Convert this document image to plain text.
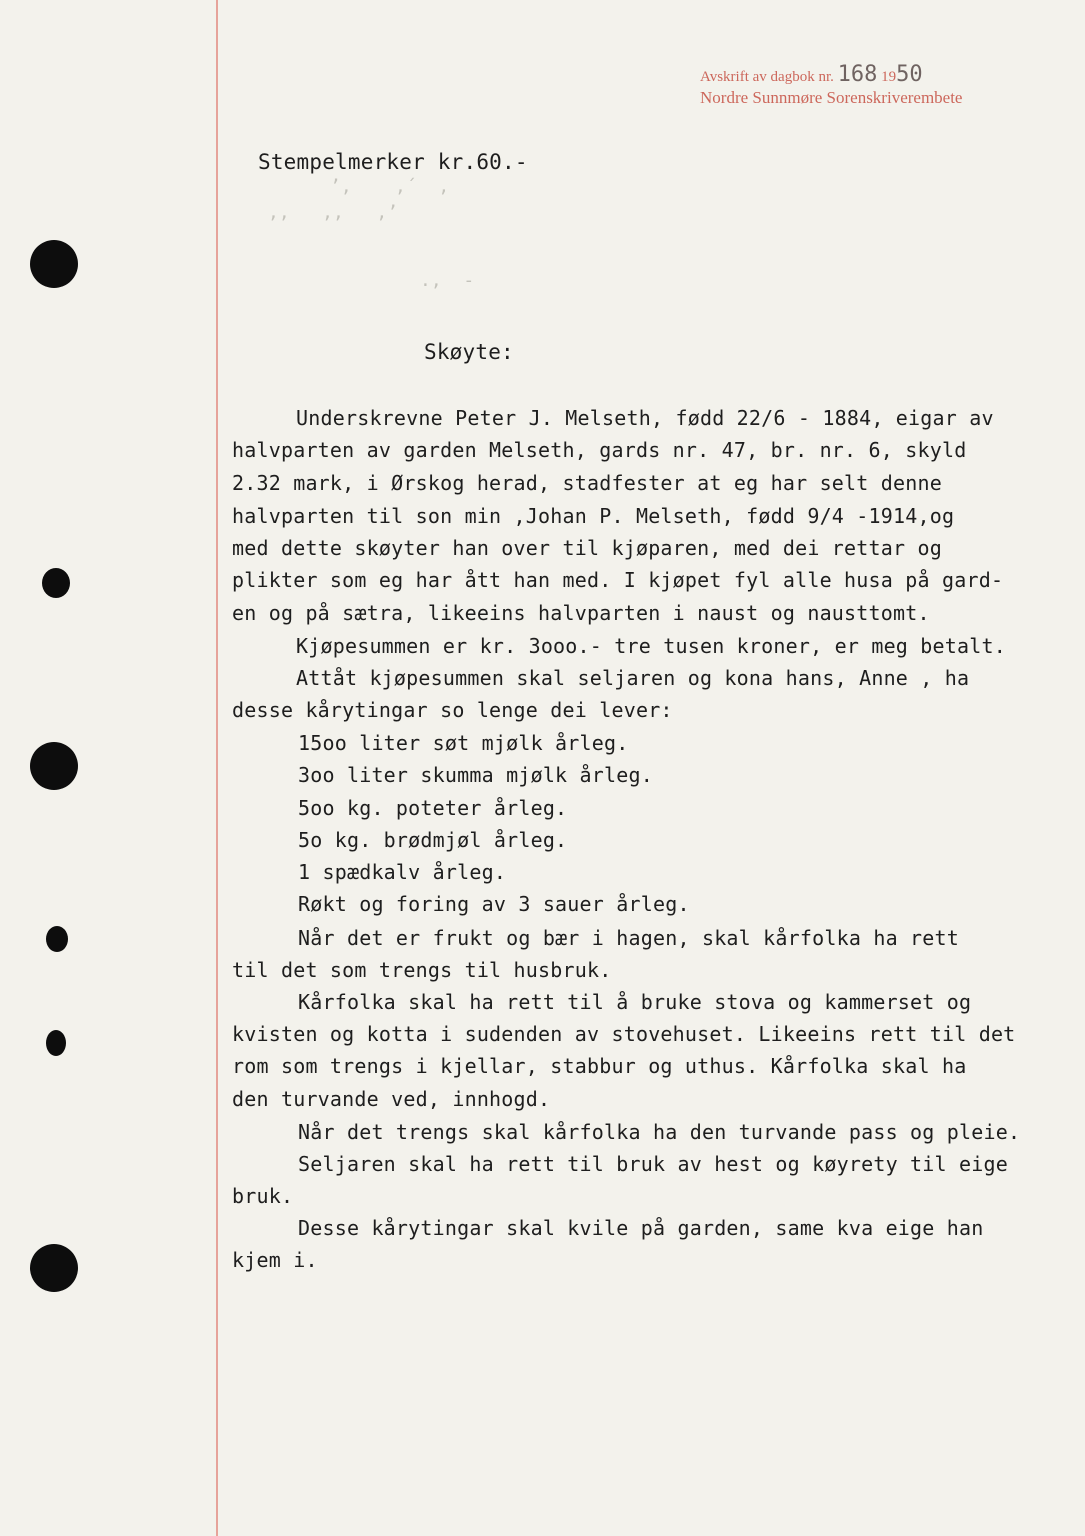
Avskrift av dagbok nr. 168 1950
Nordre Sunnmøre Sorenskriverembete
Stempelmerker kr.60.-
’,    ,´  ,
,,   ,,   ,’
.,  -
Skøyte:
Underskrevne Peter J. Melseth, fødd 22/6 - 1884, eigar av
halvparten av garden Melseth, gards nr. 47, br. nr. 6, skyld
2.32 mark, i Ørskog herad, stadfester at eg har selt denne
halvparten til son min ,Johan P. Melseth, fødd 9/4 -1914,og
med dette skøyter han over til kjøparen, med dei rettar og
plikter som eg har ått han med. I kjøpet fyl alle husa på gard-
en og på sætra, likeeins halvparten i naust og nausttomt.
Kjøpesummen er kr. 3ooo.- tre tusen kroner, er meg betalt.
Attåt kjøpesummen skal seljaren og kona hans, Anne , ha
desse kårytingar so lenge dei lever:
15oo liter søt mjølk årleg.
3oo liter skumma mjølk årleg.
5oo kg. poteter årleg.
5o kg. brødmjøl årleg.
1 spædkalv årleg.
Røkt og foring av 3 sauer årleg.
Når det er frukt og bær i hagen, skal kårfolka ha rett
til det som trengs til husbruk.
Kårfolka skal ha rett til å bruke stova og kammerset og
kvisten og kotta i sudenden av stovehuset. Likeeins rett til det
rom som trengs i kjellar, stabbur og uthus. Kårfolka skal ha
den turvande ved, innhogd.
Når det trengs skal kårfolka ha den turvande pass og pleie.
Seljaren skal ha rett til bruk av hest og køyrety til eige
bruk.
Desse kårytingar skal kvile på garden, same kva eige han
kjem i.
